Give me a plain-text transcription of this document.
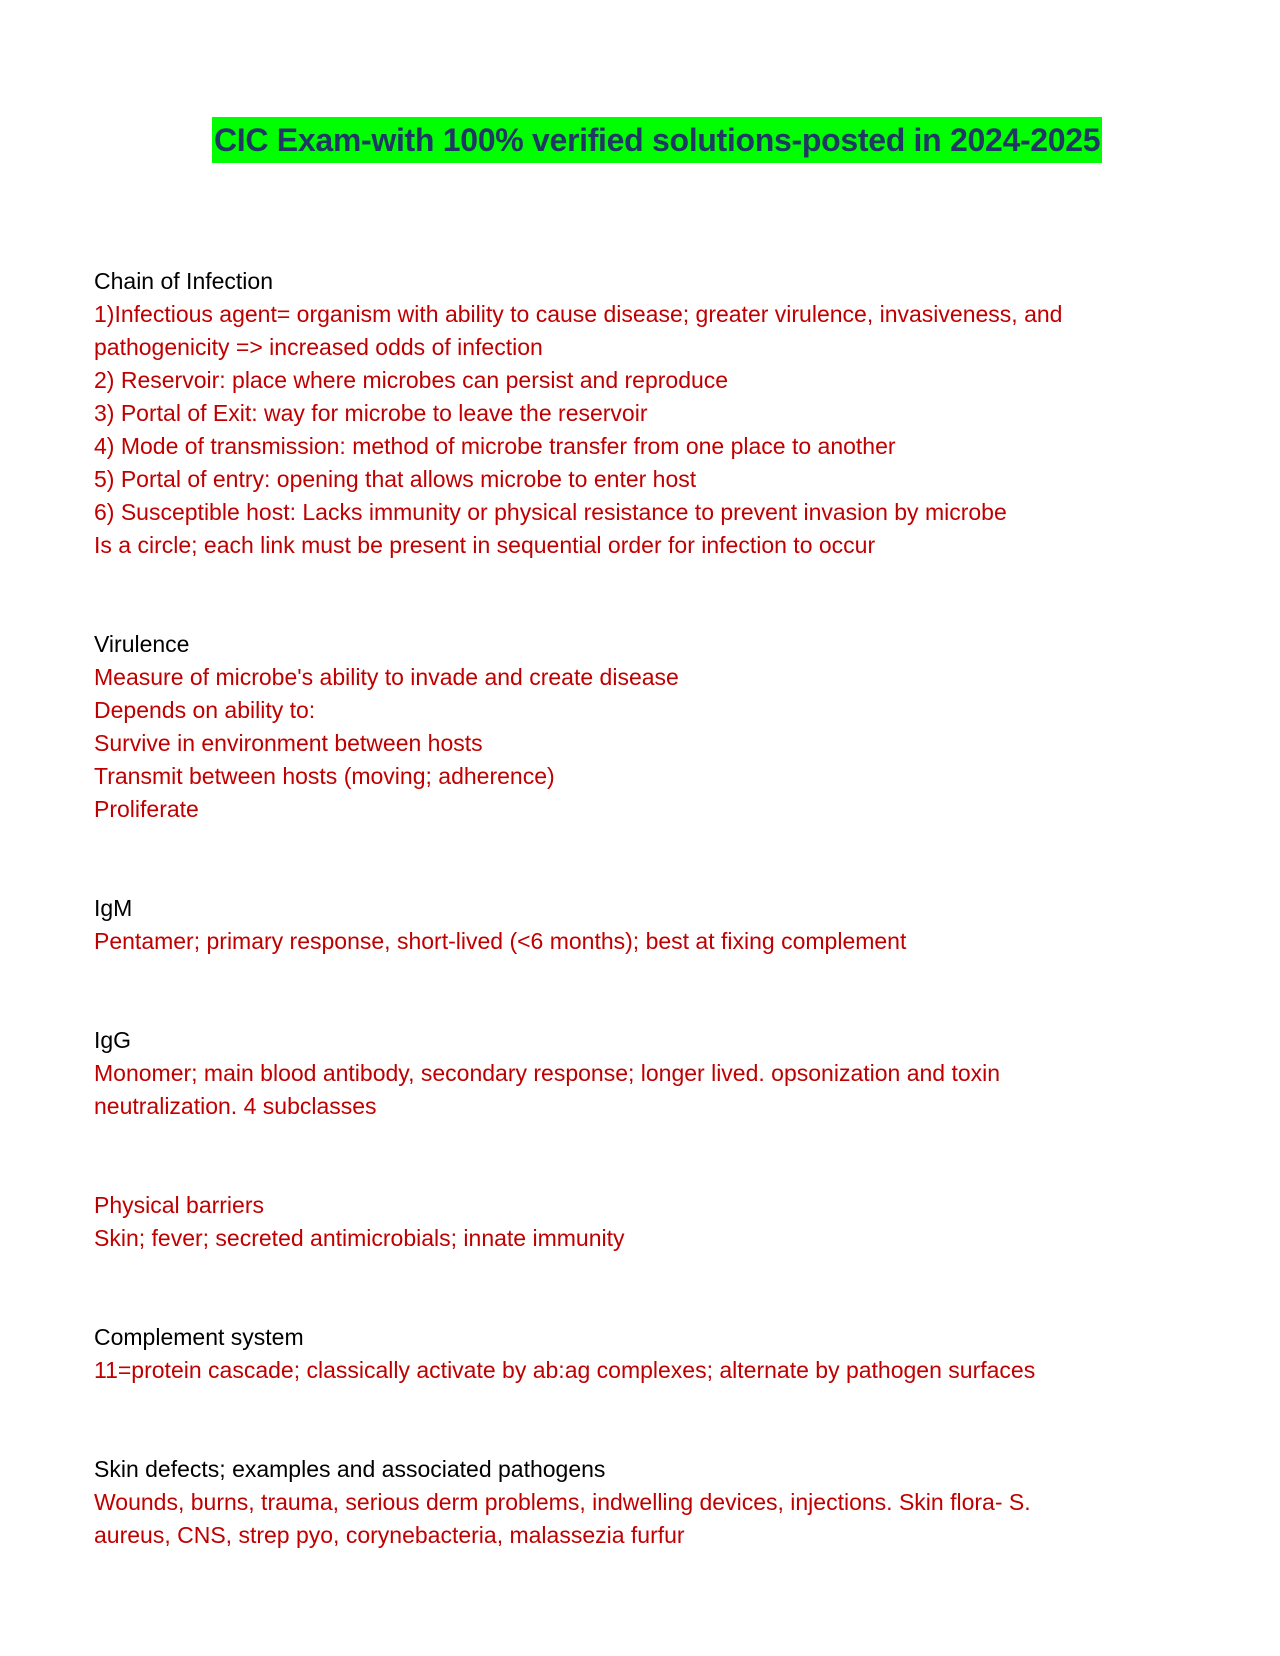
CIC Exam-with 100% verified solutions-posted in 2024-2025
Chain of Infection
1)Infectious agent= organism with ability to cause disease; greater virulence, invasiveness, and
pathogenicity => increased odds of infection
2) Reservoir: place where microbes can persist and reproduce
3) Portal of Exit: way for microbe to leave the reservoir
4) Mode of transmission: method of microbe transfer from one place to another
5) Portal of entry: opening that allows microbe to enter host
6) Susceptible host: Lacks immunity or physical resistance to prevent invasion by microbe
Is a circle; each link must be present in sequential order for infection to occur
Virulence
Measure of microbe's ability to invade and create disease
Depends on ability to:
Survive in environment between hosts
Transmit between hosts (moving; adherence)
Proliferate
IgM
Pentamer; primary response, short-lived (<6 months); best at fixing complement
IgG
Monomer; main blood antibody, secondary response; longer lived. opsonization and toxin
neutralization. 4 subclasses
Physical barriers
Skin; fever; secreted antimicrobials; innate immunity
Complement system
11=protein cascade; classically activate by ab:ag complexes; alternate by pathogen surfaces
Skin defects; examples and associated pathogens
Wounds, burns, trauma, serious derm problems, indwelling devices, injections. Skin flora- S.
aureus, CNS, strep pyo, corynebacteria, malassezia furfur
